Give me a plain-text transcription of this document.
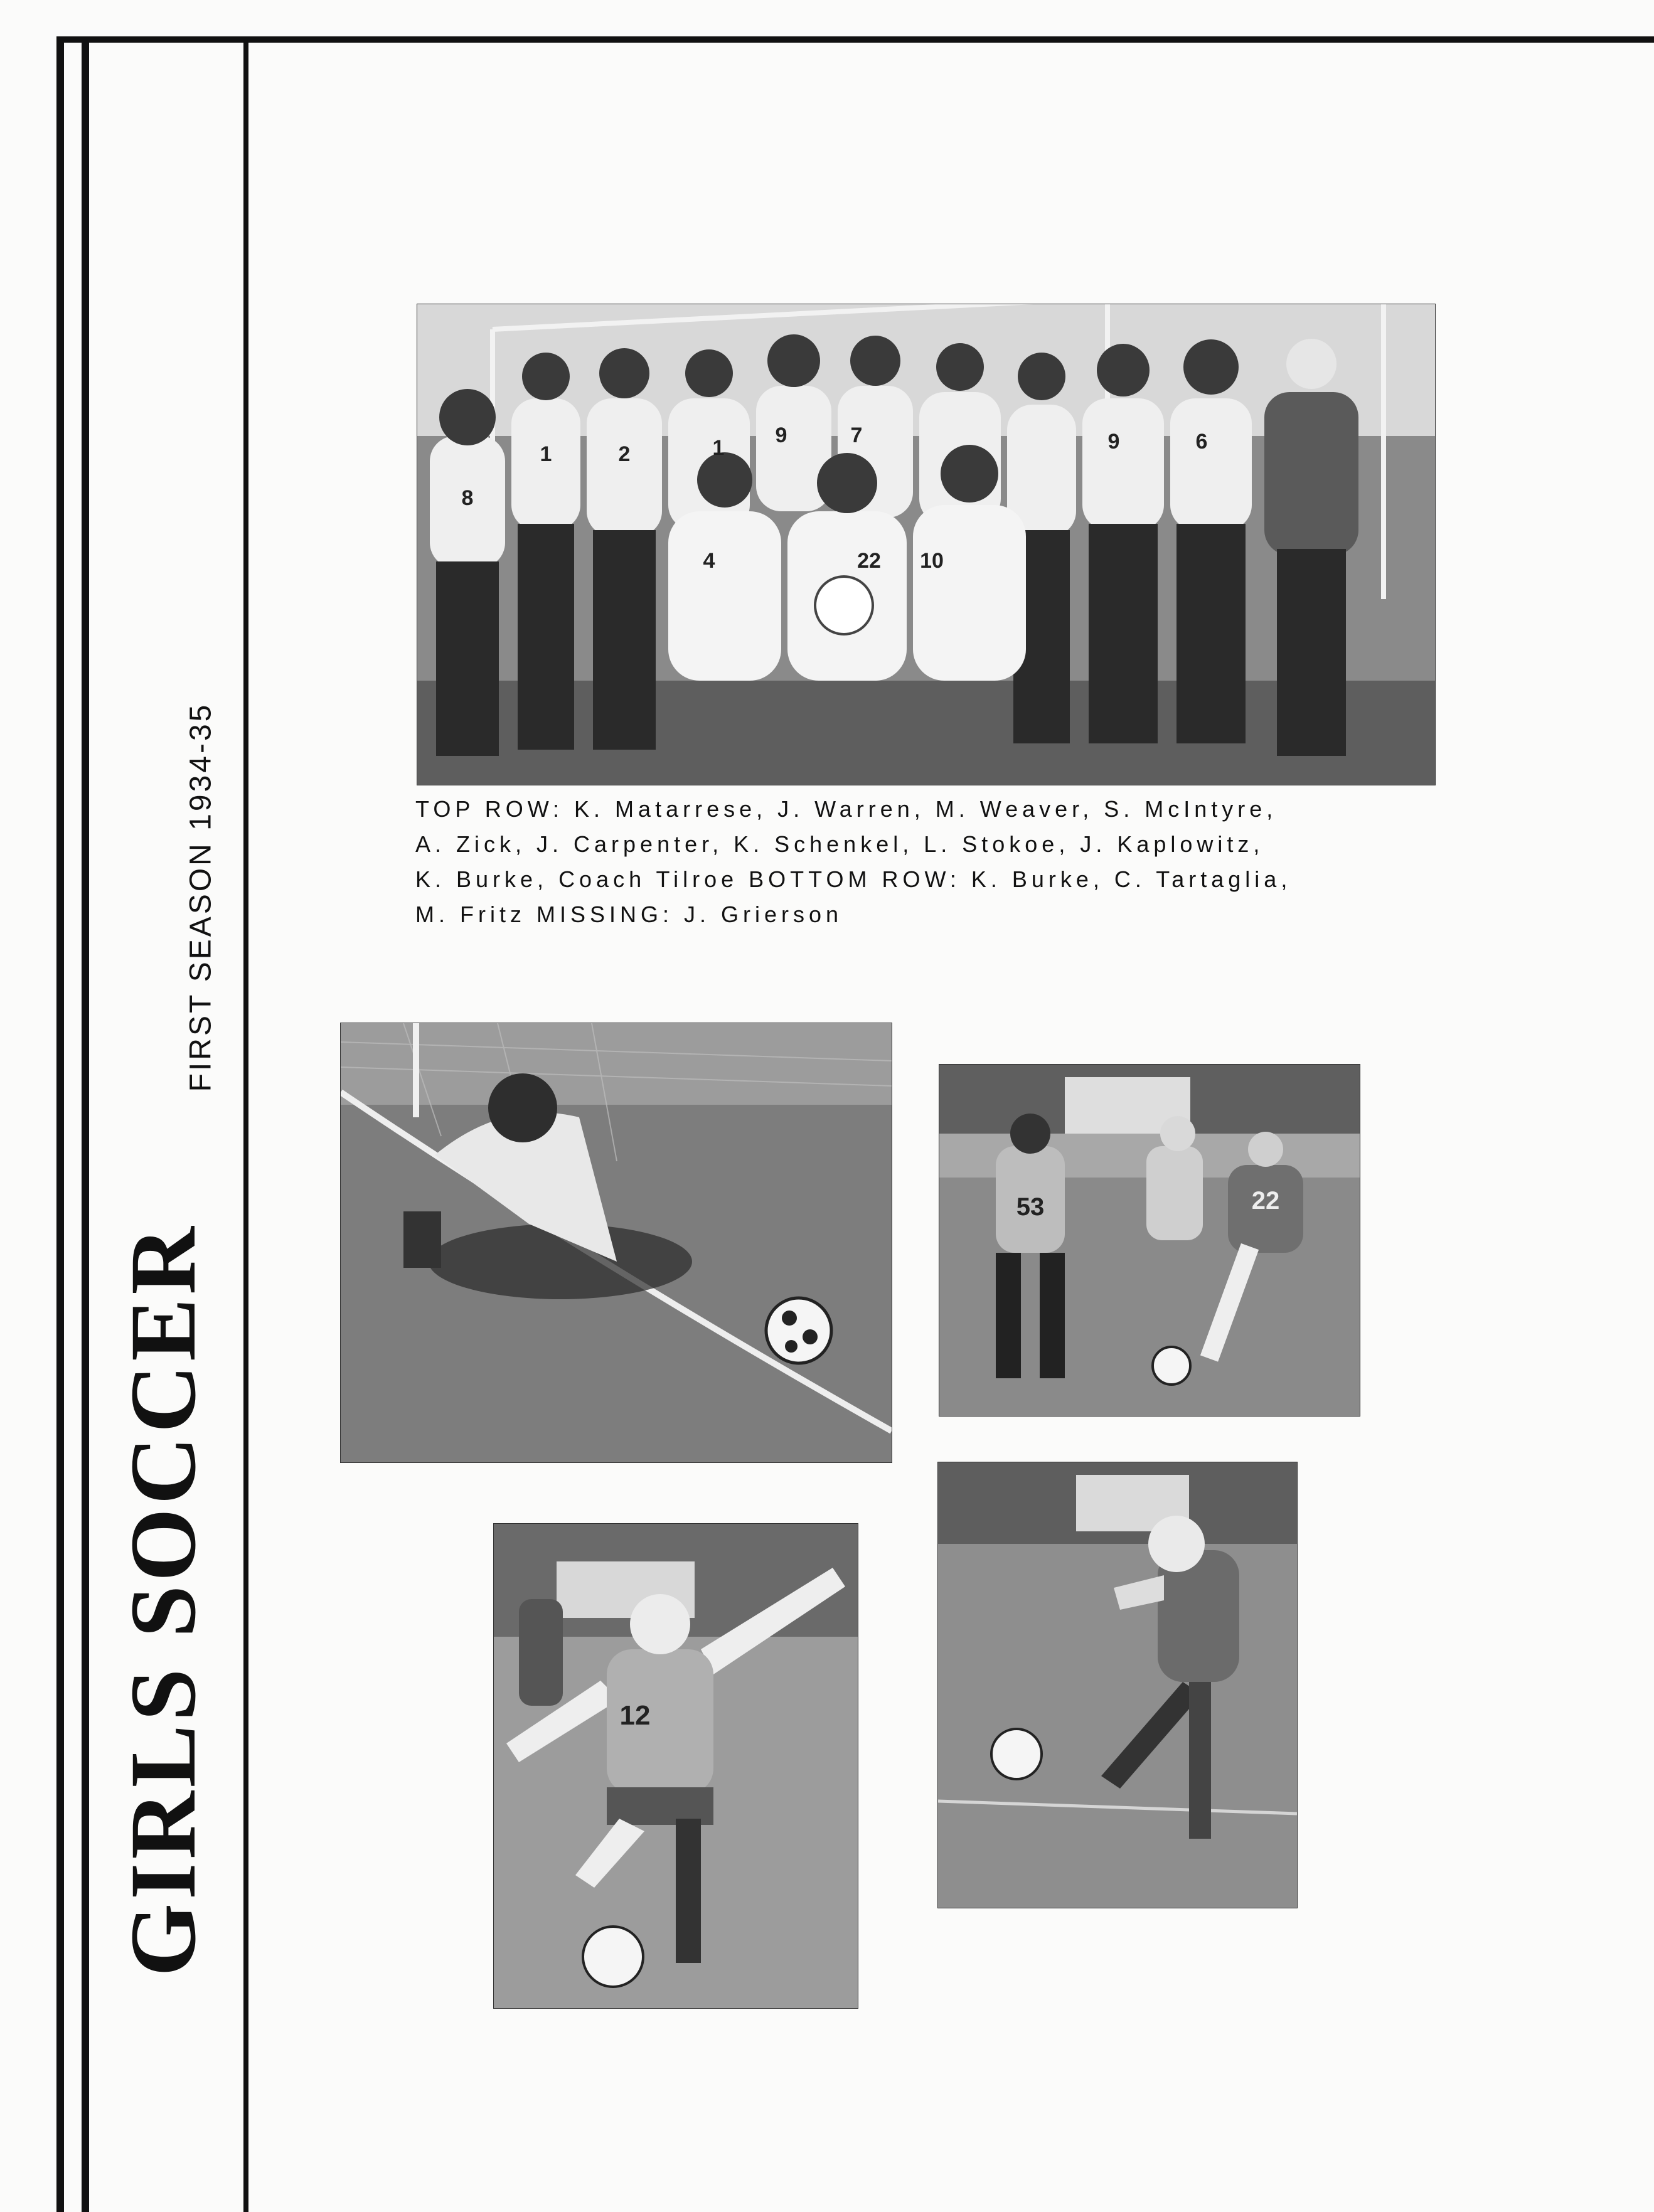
GIRLS SOCCER
FIRST SEASON 1934-35
8
1	2	1
9	7	9	6
4	22 10

TOP ROW: K. Matarrese, J. Warren, M. Weaver, S. McIntyre,
A. Zick, J. Carpenter, K. Schenkel, L. Stokoe, J. Kaplowitz,
K. Burke, Coach Tilroe BOTTOM ROW: K. Burke, C. Tartaglia,
M. Fritz MISSING: J. Grierson

53	22
12
